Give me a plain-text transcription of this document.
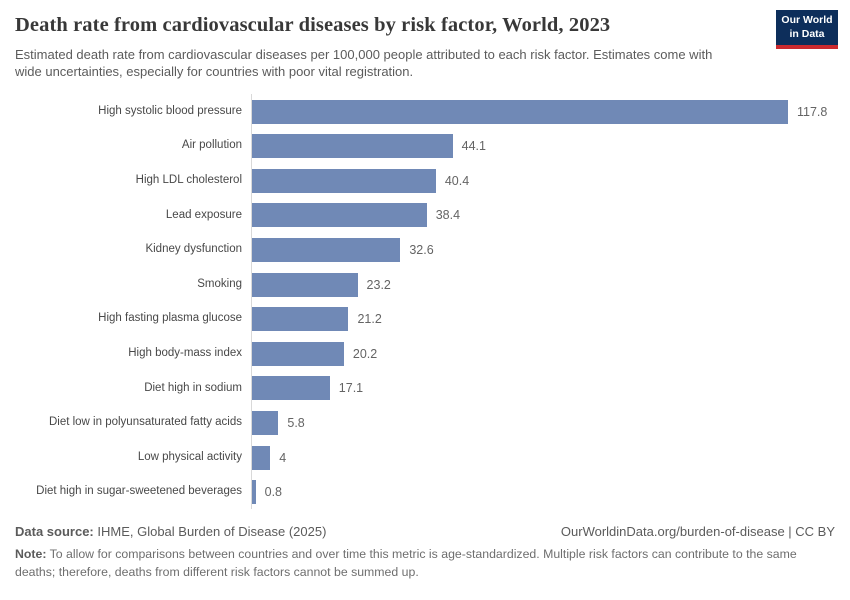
Death rate from cardiovascular diseases by risk factor, World, 2023	Our World
in Data
Estimated death rate from cardiovascular diseases per 100,000 people attributed to each risk factor. Estimates come with wide uncertainties, especially for countries with poor vital registration.
High systolic blood pressure	117.8
Air pollution	44.1
High LDL cholesterol	40.4
Lead exposure	38.4
Kidney dysfunction	32.6
Smoking	23.2
High fasting plasma glucose	21.2
High body-mass index	20.2
Diet high in sodium	17.1
Diet low in polyunsaturated fatty acids	5.8
Low physical activity	4
Diet high in sugar-sweetened beverages	0.8
Data source: IHME, Global Burden of Disease (2025)	OurWorldinData.org/burden-of-disease | CC BY
Note: To allow for comparisons between countries and over time this metric is age-standardized. Multiple risk factors can contribute to the same deaths; therefore, deaths from different risk factors cannot be summed up.
